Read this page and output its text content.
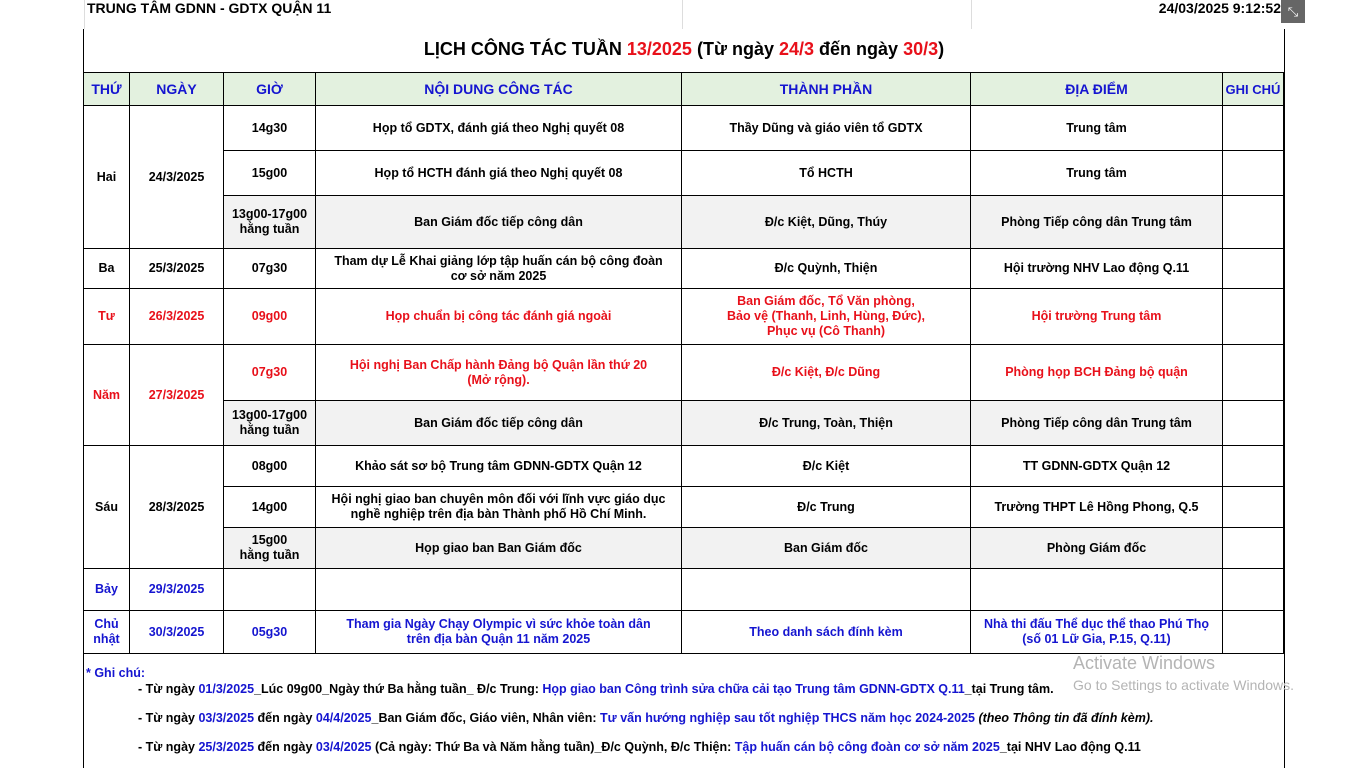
TRUNG TÂM GDNN - GDTX QUẬN 11	24/03/2025 9:12:52 ⤡
LỊCH CÔNG TÁC TUẦN 13/2025 (Từ ngày 24/3 đến ngày 30/3)
THỨ	NGÀY	GIỜ	NỘI DUNG CÔNG TÁC	THÀNH PHẦN	ĐỊA ĐIỂM	GHI CHÚ
Hai	24/3/2025	14g30	Họp tổ GDTX, đánh giá theo Nghị quyết 08	Thầy Dũng và giáo viên tổ GDTX	Trung tâm	
		15g00	Họp tổ HCTH đánh giá theo Nghị quyết 08	Tổ HCTH	Trung tâm	
		13g00-17g00
hằng tuần	Ban Giám đốc tiếp công dân	Đ/c Kiệt, Dũng, Thúy	Phòng Tiếp công dân Trung tâm	
Ba	25/3/2025	07g30	Tham dự Lễ Khai giảng lớp tập huấn cán bộ công đoàn
cơ sở năm 2025	Đ/c Quỳnh, Thiện	Hội trường NHV Lao động Q.11	
Tư	26/3/2025	09g00	Họp chuẩn bị công tác đánh giá ngoài	Ban Giám đốc, Tổ Văn phòng,
Bảo vệ (Thanh, Linh, Hùng, Đức),
Phục vụ (Cô Thanh)	Hội trường Trung tâm	
Năm	27/3/2025	07g30	Hội nghị Ban Chấp hành Đảng bộ Quận lần thứ 20
(Mở rộng).	Đ/c Kiệt, Đ/c Dũng	Phòng họp BCH Đảng bộ quận	
		13g00-17g00
hằng tuần	Ban Giám đốc tiếp công dân	Đ/c Trung, Toàn, Thiện	Phòng Tiếp công dân Trung tâm	
Sáu	28/3/2025	08g00	Khảo sát sơ bộ Trung tâm GDNN-GDTX Quận 12	Đ/c Kiệt	TT GDNN-GDTX Quận 12	
		14g00	Hội nghị giao ban chuyên môn đối với lĩnh vực giáo dục
nghề nghiệp trên địa bàn Thành phố Hồ Chí Minh.	Đ/c Trung	Trường THPT Lê Hồng Phong, Q.5	
		15g00
hằng tuần	Họp giao ban Ban Giám đốc	Ban Giám đốc	Phòng Giám đốc	
Bảy	29/3/2025					
Chủ
nhật	30/3/2025	05g30	Tham gia Ngày Chạy Olympic vì sức khỏe toàn dân
trên địa bàn Quận 11 năm 2025	Theo danh sách đính kèm	Nhà thi đấu Thể dục thể thao Phú Thọ
(số 01 Lữ Gia, P.15, Q.11)	
* Ghi chú:
- Từ ngày 01/3/2025_Lúc 09g00_Ngày thứ Ba hằng tuần_ Đ/c Trung: Họp giao ban Công trình sửa chữa cải tạo Trung tâm GDNN-GDTX Q.11_tại Trung tâm.
- Từ ngày 03/3/2025 đến ngày 04/4/2025_Ban Giám đốc, Giáo viên, Nhân viên: Tư vấn hướng nghiệp sau tốt nghiệp THCS năm học 2024-2025 (theo Thông tin đã đính kèm).
- Từ ngày 25/3/2025 đến ngày 03/4/2025 (Cả ngày: Thứ Ba và Năm hằng tuần)_Đ/c Quỳnh, Đ/c Thiện: Tập huấn cán bộ công đoàn cơ sở năm 2025_tại NHV Lao động Q.11
Activate Windows
Go to Settings to activate Windows.
